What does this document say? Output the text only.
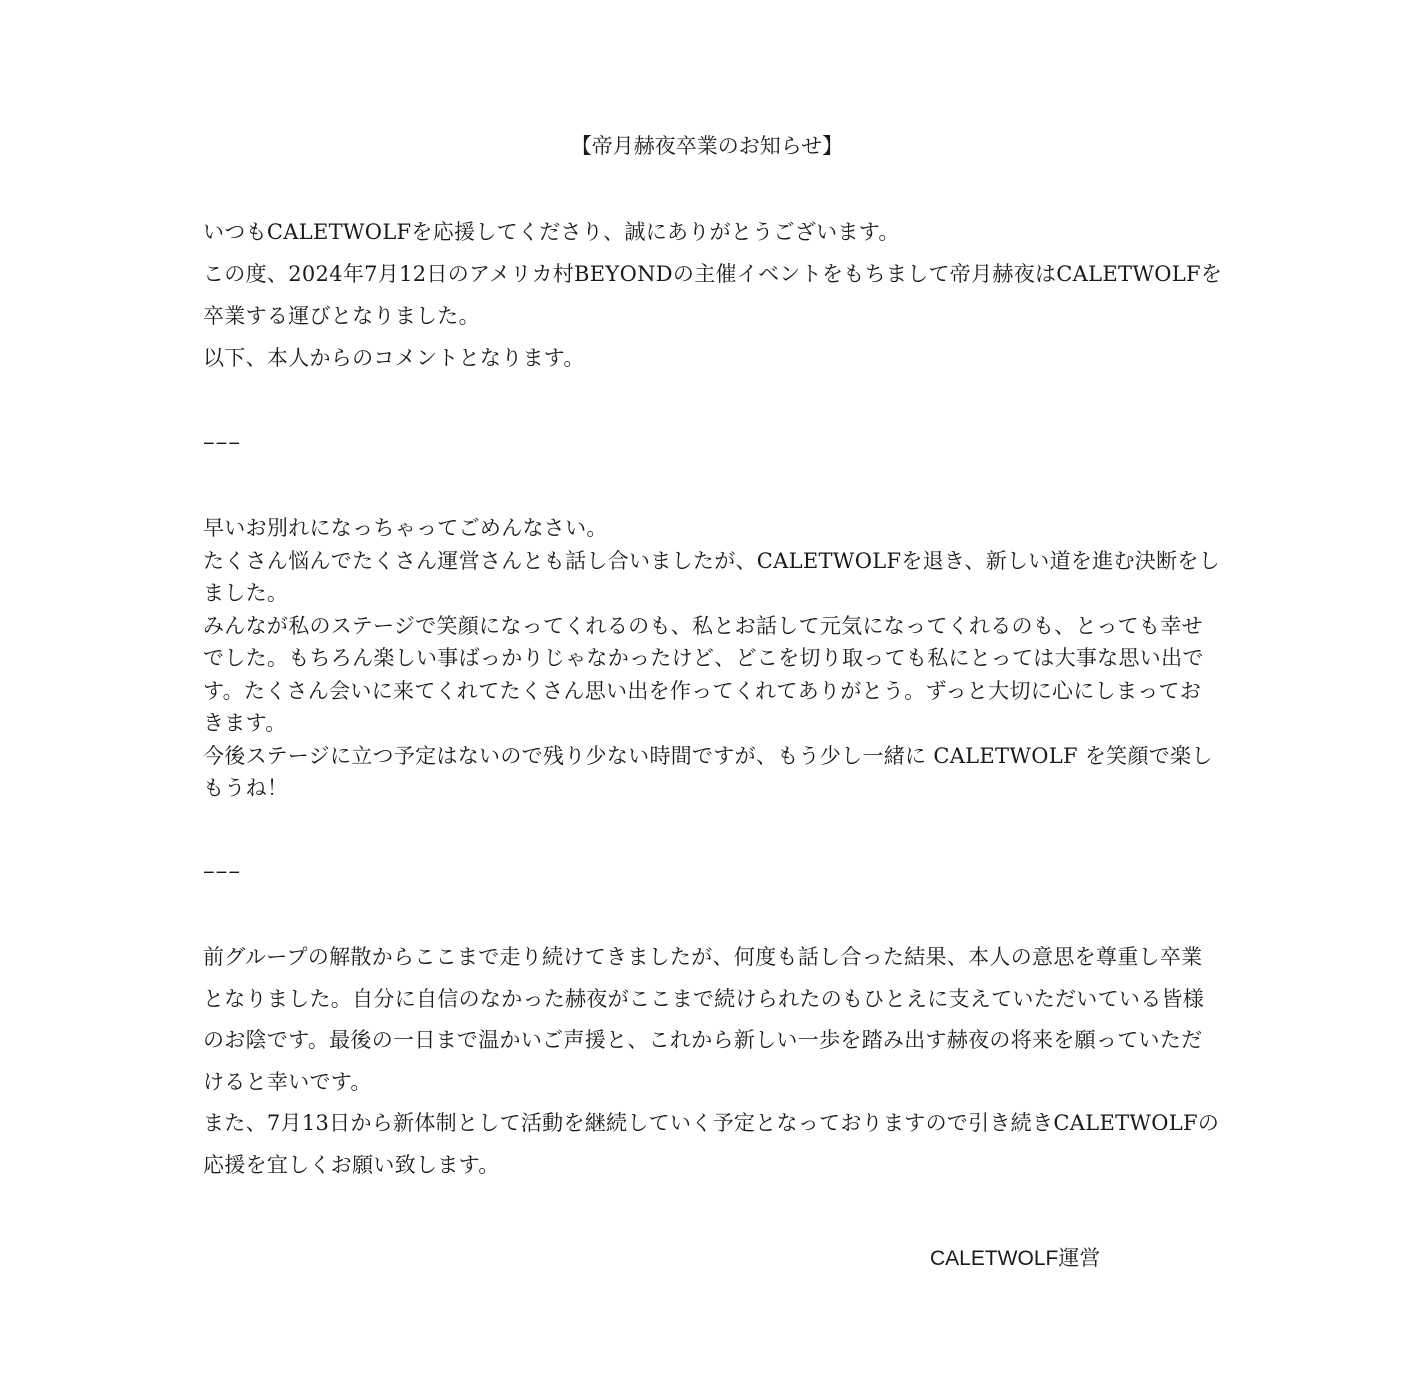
【帝月赫夜卒業のお知らせ】
いつもCALETWOLFを応援してくださり、誠にありがとうございます。
この度、2024年7月12日のアメリカ村BEYONDの主催イベントをもちまして帝月赫夜はCALETWOLFを
卒業する運びとなりました。
以下、本人からのコメントとなります。
−−−
早いお別れになっちゃってごめんなさい。
たくさん悩んでたくさん運営さんとも話し合いましたが、CALETWOLFを退き、新しい道を進む決断をし
ました。
みんなが私のステージで笑顔になってくれるのも、私とお話して元気になってくれるのも、とっても幸せ
でした。もちろん楽しい事ばっかりじゃなかったけど、どこを切り取っても私にとっては大事な思い出で
す。たくさん会いに来てくれてたくさん思い出を作ってくれてありがとう。ずっと大切に心にしまってお
きます。
今後ステージに立つ予定はないので残り少ない時間ですが、もう少し一緒に CALETWOLF を笑顔で楽し
もうね！
−−−
前グループの解散からここまで走り続けてきましたが、何度も話し合った結果、本人の意思を尊重し卒業
となりました。自分に自信のなかった赫夜がここまで続けられたのもひとえに支えていただいている皆様
のお陰です。最後の一日まで温かいご声援と、これから新しい一歩を踏み出す赫夜の将来を願っていただ
けると幸いです。
また、7月13日から新体制として活動を継続していく予定となっておりますので引き続きCALETWOLFの
応援を宜しくお願い致します。
CALETWOLF運営
